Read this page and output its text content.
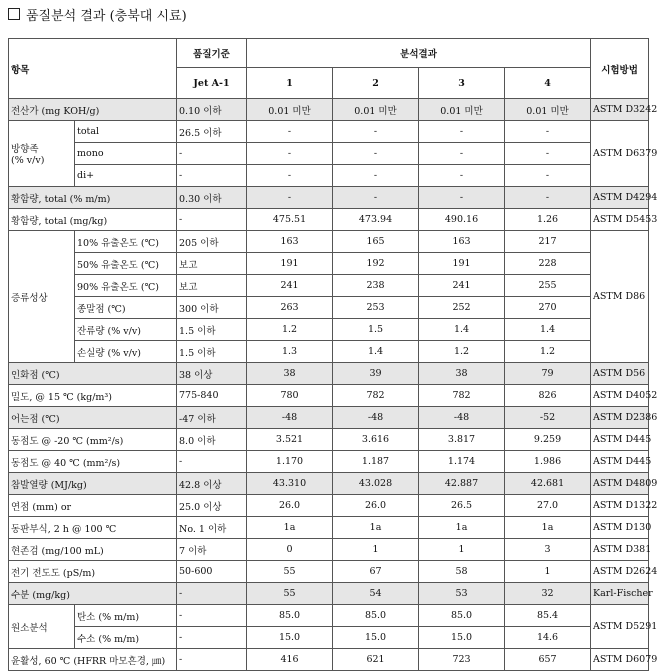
품질분석 결과 (충북대 시료)
항목		품질기준	분석결과				시험방법
		Jet A-1	1	2	3	4	
전산가 (mg KOH/g)		0.10 이하	0.01 미만	0.01 미만	0.01 미만	0.01 미만	ASTM D3242
방향족
(% v/v)	total	26.5 이하	-	-	-	-	ASTM D6379
	mono	-	-	-	-	-	
	di+	-	-	-	-	-	
황함량, total (% m/m)		0.30 이하	-	-	-	-	ASTM D4294
황함량, total (mg/kg)		-	475.51	473.94	490.16	1.26	ASTM D5453
증류성상	10% 유출온도 (℃)	205 이하	163	165	163	217	ASTM D86
	50% 유출온도 (℃)	보고	191	192	191	228	
	90% 유출온도 (℃)	보고	241	238	241	255	
	종말점 (℃)	300 이하	263	253	252	270	
	잔류량 (% v/v)	1.5 이하	1.2	1.5	1.4	1.4	
	손실량 (% v/v)	1.5 이하	1.3	1.4	1.2	1.2	
인화점 (℃)		38 이상	38	39	38	79	ASTM D56
밀도, @ 15 ℃ (kg/m³)		775-840	780	782	782	826	ASTM D4052
어는점 (℃)		-47 이하	-48	-48	-48	-52	ASTM D2386
동점도 @ -20 ℃ (mm²/s)		8.0 이하	3.521	3.616	3.817	9.259	ASTM D445
동점도 @ 40 ℃ (mm²/s)		-	1.170	1.187	1.174	1.986	ASTM D445
참발열량 (MJ/kg)		42.8 이상	43.310	43.028	42.887	42.681	ASTM D4809
연점 (mm) or		25.0 이상	26.0	26.0	26.5	27.0	ASTM D1322
동판부식, 2 h @ 100 ℃		No. 1 이하	1a	1a	1a	1a	ASTM D130
현존검 (mg/100 mL)		7 이하	0	1	1	3	ASTM D381
전기 전도도 (pS/m)		50-600	55	67	58	1	ASTM D2624
수분 (mg/kg)		-	55	54	53	32	Karl-Fischer
원소분석	탄소 (% m/m)	-	85.0	85.0	85.0	85.4	ASTM D5291
	수소 (% m/m)	-	15.0	15.0	15.0	14.6	
윤활성, 60 ℃ (HFRR 마모흔경, ㎛)		-	416	621	723	657	ASTM D6079
